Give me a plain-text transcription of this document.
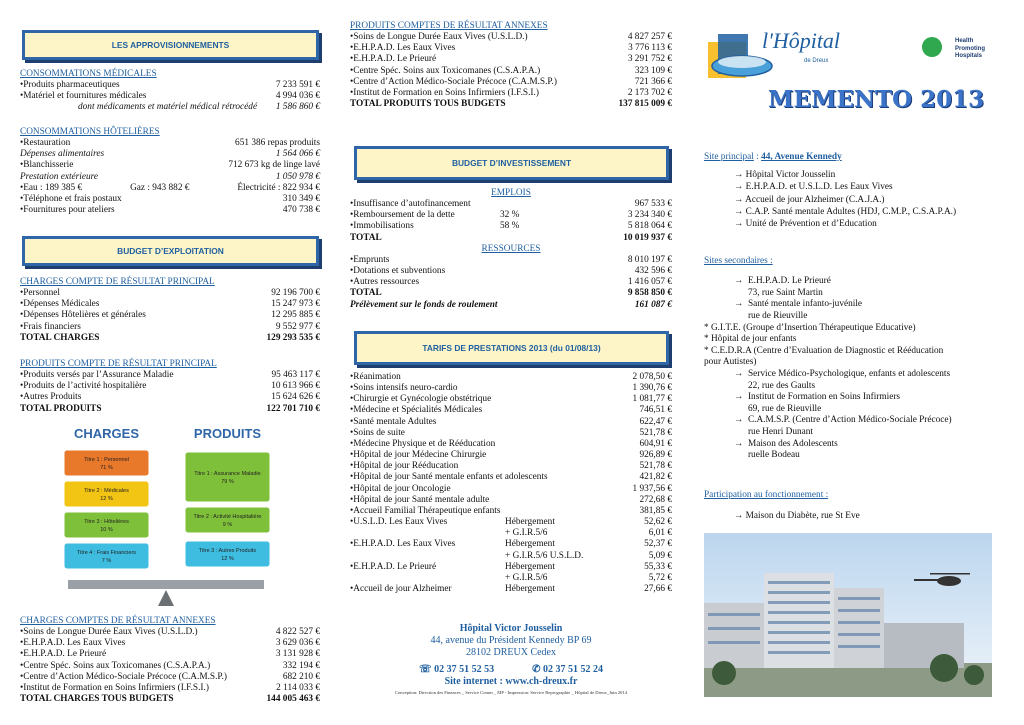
LES APPROVISIONNEMENTS
CONSOMMATIONS MÉDICALES
•Produits pharmaceutiques	7 233 591 €
•Matériel et fournitures médicales	4 994 036 €
dont médicaments et matériel médical rétrocédé 1 586 860 €
CONSOMMATIONS HÔTELIÈRES
•Restauration	651 386 repas produits
Dépenses alimentaires	1 564 066 €
•Blanchisserie	712 673 kg de linge lavé
Prestation extérieure	1 050 978 €
•Eau : 189 385 €	Gaz : 943 882 €	Électricité : 822 934 €
•Téléphone et frais postaux	310 349 €
•Fournitures pour ateliers	470 738 €
BUDGET D’EXPLOITATION
CHARGES COMPTE DE RÉSULTAT PRINCIPAL
•Personnel	92 196 700 €
•Dépenses Médicales	15 247 973 €
•Dépenses Hôtelières et générales	12 295 885 €
•Frais financiers	9 552 977 €
TOTAL CHARGES	129 293 535 €
PRODUITS COMPTE DE RÉSULTAT PRINCIPAL
•Produits versés par l’Assurance Maladie	95 463 117 €
•Produits de l’activité hospitalière	10 613 966 €
•Autres Produits	15 624 626 €
TOTAL PRODUITS	122 701 710 €
CHARGES
Titre 1 : Personnel
71 %
Titre 2 : Médicales
12 %
Titre 3 : Hôtelières
10 %
Titre 4 : Frais Financiers
7 %
PRODUITS
Titre 1 : Assurance Maladie
79 %
Titre 2 : Activité Hospitalière
9 %
Titre 3 : Autres Produits
12 %
CHARGES COMPTES DE RÉSULTAT ANNEXES
•Soins de Longue Durée Eaux Vives (U.S.L.D.)	4 822 527 €
•E.H.P.A.D. Les Eaux Vives	3 629 036 €
•E.H.P.A.D. Le Prieuré	3 131 928 €
•Centre Spéc. Soins aux Toxicomanes (C.S.A.P.A.)	332 194 €
•Centre d’Action Médico-Sociale Précoce (C.A.M.S.P.)	682 210 €
•Institut de Formation en Soins Infirmiers (I.F.S.I.)	2 114 033 €
TOTAL CHARGES TOUS BUDGETS	144 005 463 €
PRODUITS COMPTES DE RÉSULTAT ANNEXES
•Soins de Longue Durée Eaux Vives (U.S.L.D.)	4 827 257 €
•E.H.P.A.D. Les Eaux Vives	3 776 113 €
•E.H.P.A.D. Le Prieuré	3 291 752 €
•Centre Spéc. Soins aux Toxicomanes (C.S.A.P.A.)	323 109 €
•Centre d’Action Médico-Sociale Précoce (C.A.M.S.P.)	721 366 €
•Institut de Formation en Soins Infirmiers (I.F.S.I.)	2 173 702 €
TOTAL PRODUITS TOUS BUDGETS	137 815 009 €
BUDGET D’INVESTISSEMENT
EMPLOIS
•Insuffisance d’autofinancement	967 533 €
•Remboursement de la dette	32 %	3 234 340 €
•Immobilisations	58 %	5 818 064 €
TOTAL	10 019 937 €
RESSOURCES
•Emprunts	8 010 197 €
•Dotations et subventions	432 596 €
•Autres ressources	1 416 057 €
TOTAL	9 858 850 €
Prélèvement sur le fonds de roulement	161 087 €
TARIFS DE PRESTATIONS 2013 (du 01/08/13)
•Réanimation	2 078,50 €
•Soins intensifs neuro-cardio	1 390,76 €
•Chirurgie et Gynécologie obstétrique	1 081,77 €
•Médecine et Spécialités Médicales	746,51 €
•Santé mentale Adultes	622,47 €
•Soins de suite	521,78 €
•Médecine Physique et de Rééducation	604,91 €
•Hôpital de jour Médecine Chirurgie	926,89 €
•Hôpital de jour Rééducation	521,78 €
•Hôpital de jour Santé mentale enfants et adolescents	421,82 €
•Hôpital de jour Oncologie	1 937,56 €
•Hôpital de jour Santé mentale adulte	272,68 €
•Accueil Familial Thérapeutique enfants	381,85 €
•U.S.L.D. Les Eaux Vives	Hébergement	52,62 €
+ G.I.R.5/6	6,01 €
•E.H.P.A.D. Les Eaux Vives	Hébergement	52,37 €
+ G.I.R.5/6 U.S.L.D.	5,09 €
•E.H.P.A.D. Le Prieuré	Hébergement	55,33 €
+ G.I.R.5/6	5,72 €
•Accueil de jour Alzheimer	Hébergement	27,66 €
Hôpital Victor Jousselin
44, avenue du Président Kennedy BP 69
28102 DREUX Cedex
☏ 02 37 51 52 53	✆ 02 37 51 52 24
Site internet : www.ch-dreux.fr
Conception: Direction des Finances _ Service Comm _ MP - Impression: Service Reprographie _ Hôpital de Dreux_Juin 2014
l'Hôpital
de Dreux
Health
Promoting
Hospitals
MEMENTO 2013
Site principal : 44, Avenue Kennedy
→ Hôpital Victor Jousselin
→ E.H.P.A.D. et U.S.L.D. Les Eaux Vives
→ Accueil de jour Alzheimer (C.A.J.A.)
→ C.A.P. Santé mentale Adultes (HDJ, C.M.P., C.S.A.P.A.)
→ Unité de Prévention et d’Education
Sites secondaires :
→  E.H.P.A.D. Le Prieuré
73, rue Saint Martin
→  Santé mentale infanto-juvénile
rue de Rieuville
* G.I.T.E. (Groupe d’Insertion Thérapeutique Educative)
* Hôpital de jour enfants
* C.E.D.R.A (Centre d’Evaluation de Diagnostic et Rééducation
pour Autistes)
→  Service Médico-Psychologique, enfants et adolescents
22, rue des Gaults
→  Institut de Formation en Soins Infirmiers
69, rue de Rieuville
→  C.A.M.S.P. (Centre d’Action Médico-Sociale Précoce)
rue Henri Dunant
→  Maison des Adolescents
ruelle Bodeau
Participation au fonctionnement :
→ Maison du Diabète, rue St Eve
